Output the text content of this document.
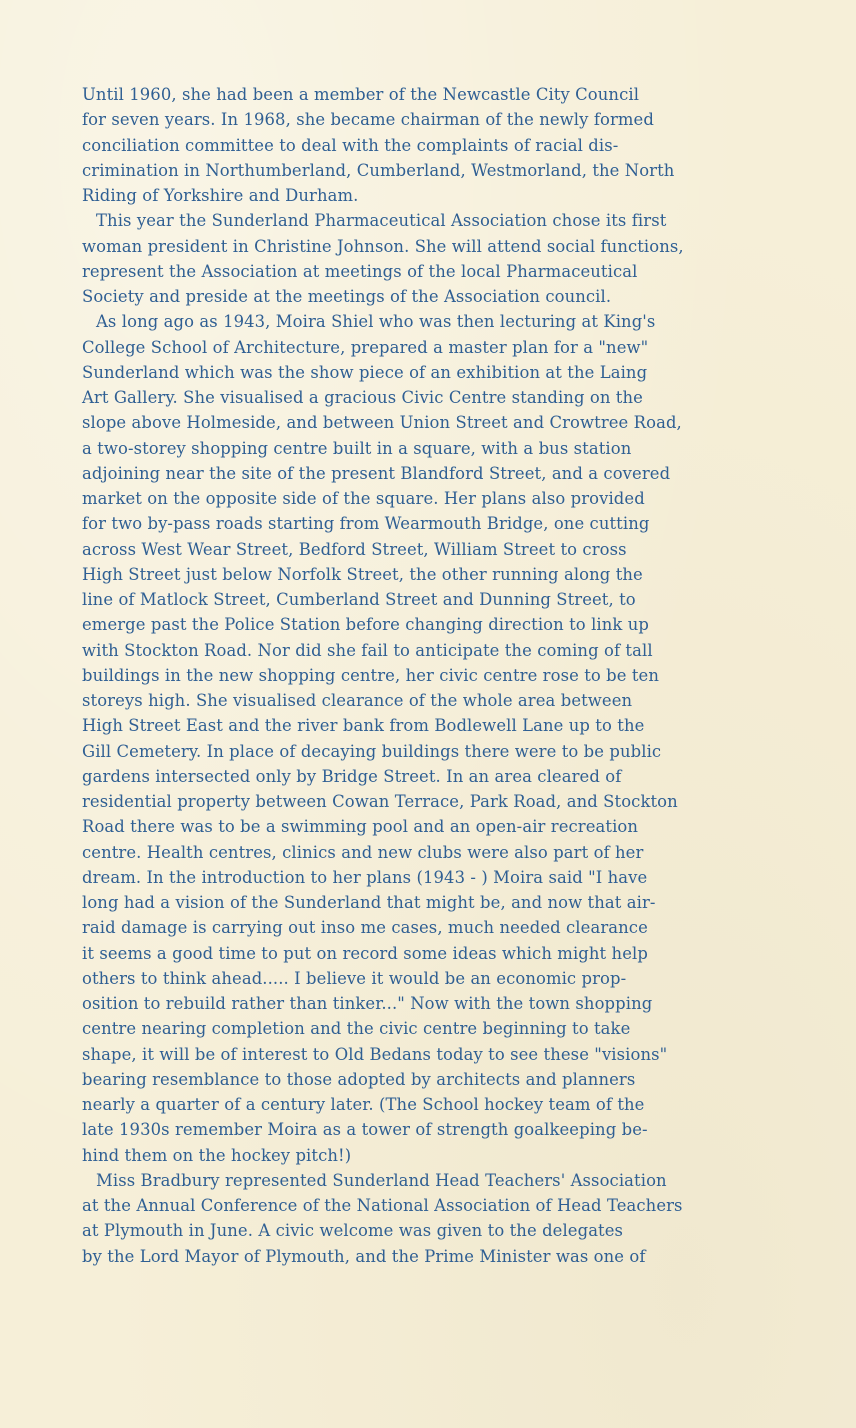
Until 1960, she had been a member of the Newcastle City Council
for seven years. In 1968, she became chairman of the newly formed
conciliation committee to deal with the complaints of racial dis-
crimination in Northumberland, Cumberland, Westmorland, the North
Riding of Yorkshire and Durham.
This year the Sunderland Pharmaceutical Association chose its first
woman president in Christine Johnson. She will attend social functions,
represent the Association at meetings of the local Pharmaceutical
Society and preside at the meetings of the Association council.
As long ago as 1943, Moira Shiel who was then lecturing at King's
College School of Architecture, prepared a master plan for a "new"
Sunderland which was the show piece of an exhibition at the Laing
Art Gallery. She visualised a gracious Civic Centre standing on the
slope above Holmeside, and between Union Street and Crowtree Road,
a two-storey shopping centre built in a square, with a bus station
adjoining near the site of the present Blandford Street, and a covered
market on the opposite side of the square. Her plans also provided
for two by-pass roads starting from Wearmouth Bridge, one cutting
across West Wear Street, Bedford Street, William Street to cross
High Street just below Norfolk Street, the other running along the
line of Matlock Street, Cumberland Street and Dunning Street, to
emerge past the Police Station before changing direction to link up
with Stockton Road. Nor did she fail to anticipate the coming of tall
buildings in the new shopping centre, her civic centre rose to be ten
storeys high. She visualised clearance of the whole area between
High Street East and the river bank from Bodlewell Lane up to the
Gill Cemetery. In place of decaying buildings there were to be public
gardens intersected only by Bridge Street. In an area cleared of
residential property between Cowan Terrace, Park Road, and Stockton
Road there was to be a swimming pool and an open-air recreation
centre. Health centres, clinics and new clubs were also part of her
dream. In the introduction to her plans (1943 - ) Moira said "I have
long had a vision of the Sunderland that might be, and now that air-
raid damage is carrying out inso me cases, much needed clearance
it seems a good time to put on record some ideas which might help
others to think ahead..... I believe it would be an economic prop-
osition to rebuild rather than tinker..." Now with the town shopping
centre nearing completion and the civic centre beginning to take
shape, it will be of interest to Old Bedans today to see these "visions"
bearing resemblance to those adopted by architects and planners
nearly a quarter of a century later. (The School hockey team of the
late 1930s remember Moira as a tower of strength goalkeeping be-
hind them on the hockey pitch!)
Miss Bradbury represented Sunderland Head Teachers' Association
at the Annual Conference of the National Association of Head Teachers
at Plymouth in June. A civic welcome was given to the delegates
by the Lord Mayor of Plymouth, and the Prime Minister was one of
